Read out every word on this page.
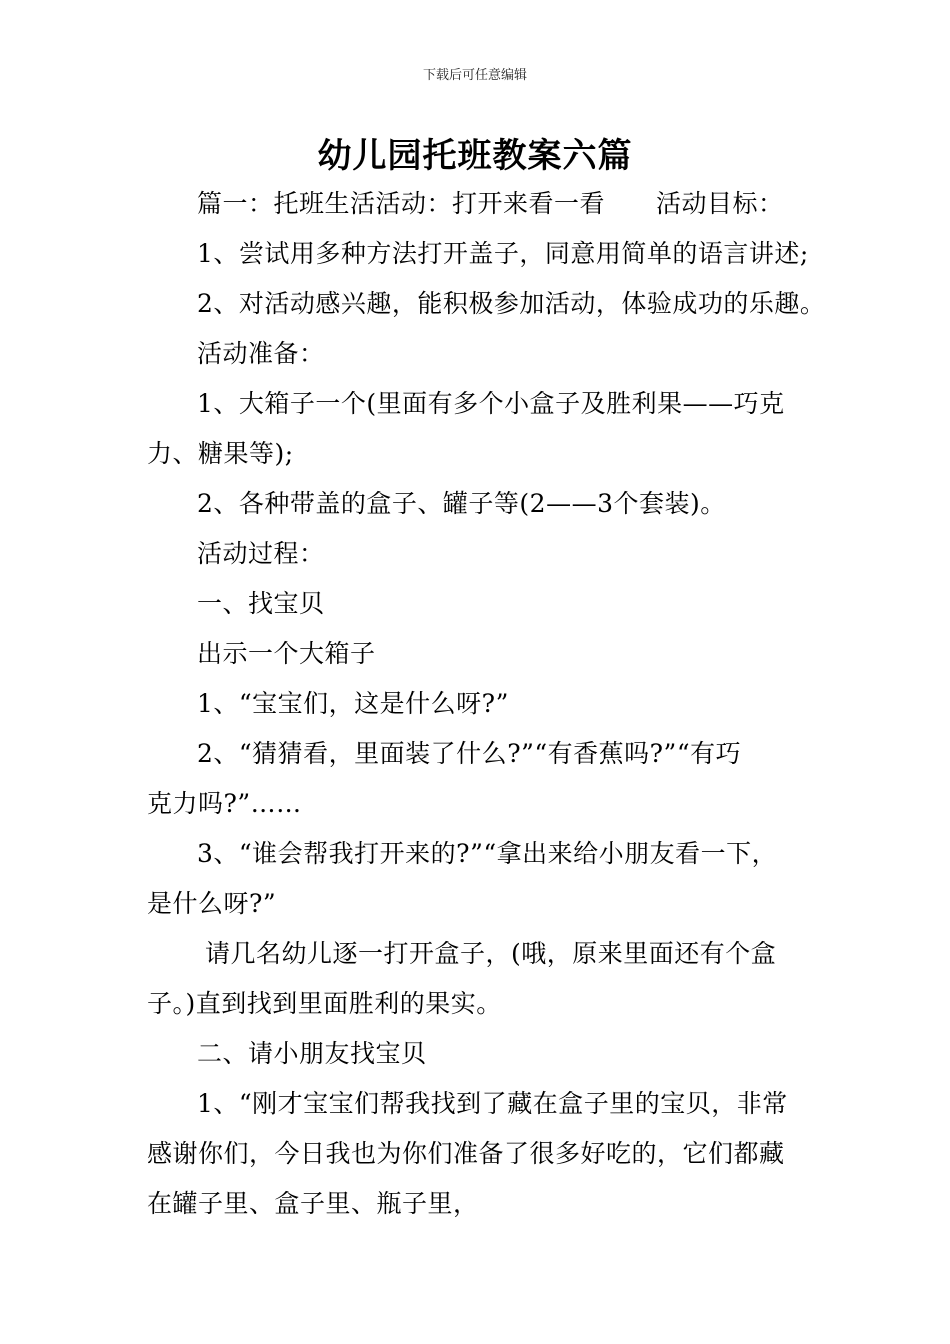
下载后可任意编辑
幼儿园托班教案六篇
篇一：托班生活活动：打开来看一看　　活动目标：
1、尝试用多种方法打开盖子，同意用简单的语言讲述;
2、对活动感兴趣，能积极参加活动，体验成功的乐趣。
活动准备：
1、大箱子一个(里面有多个小盒子及胜利果——巧克
力、糖果等);
2、各种带盖的盒子、罐子等(2——3个套装)。
活动过程：
一、找宝贝
出示一个大箱子
1、“宝宝们，这是什么呀?”
2、“猜猜看，里面装了什么?”“有香蕉吗?”“有巧
克力吗?”……
3、“谁会帮我打开来的?”“拿出来给小朋友看一下，
是什么呀?”
请几名幼儿逐一打开盒子，(哦，原来里面还有个盒
子。)直到找到里面胜利的果实。
二、请小朋友找宝贝
1、“刚才宝宝们帮我找到了藏在盒子里的宝贝，非常
感谢你们，今日我也为你们准备了很多好吃的，它们都藏
在罐子里、盒子里、瓶子里，
